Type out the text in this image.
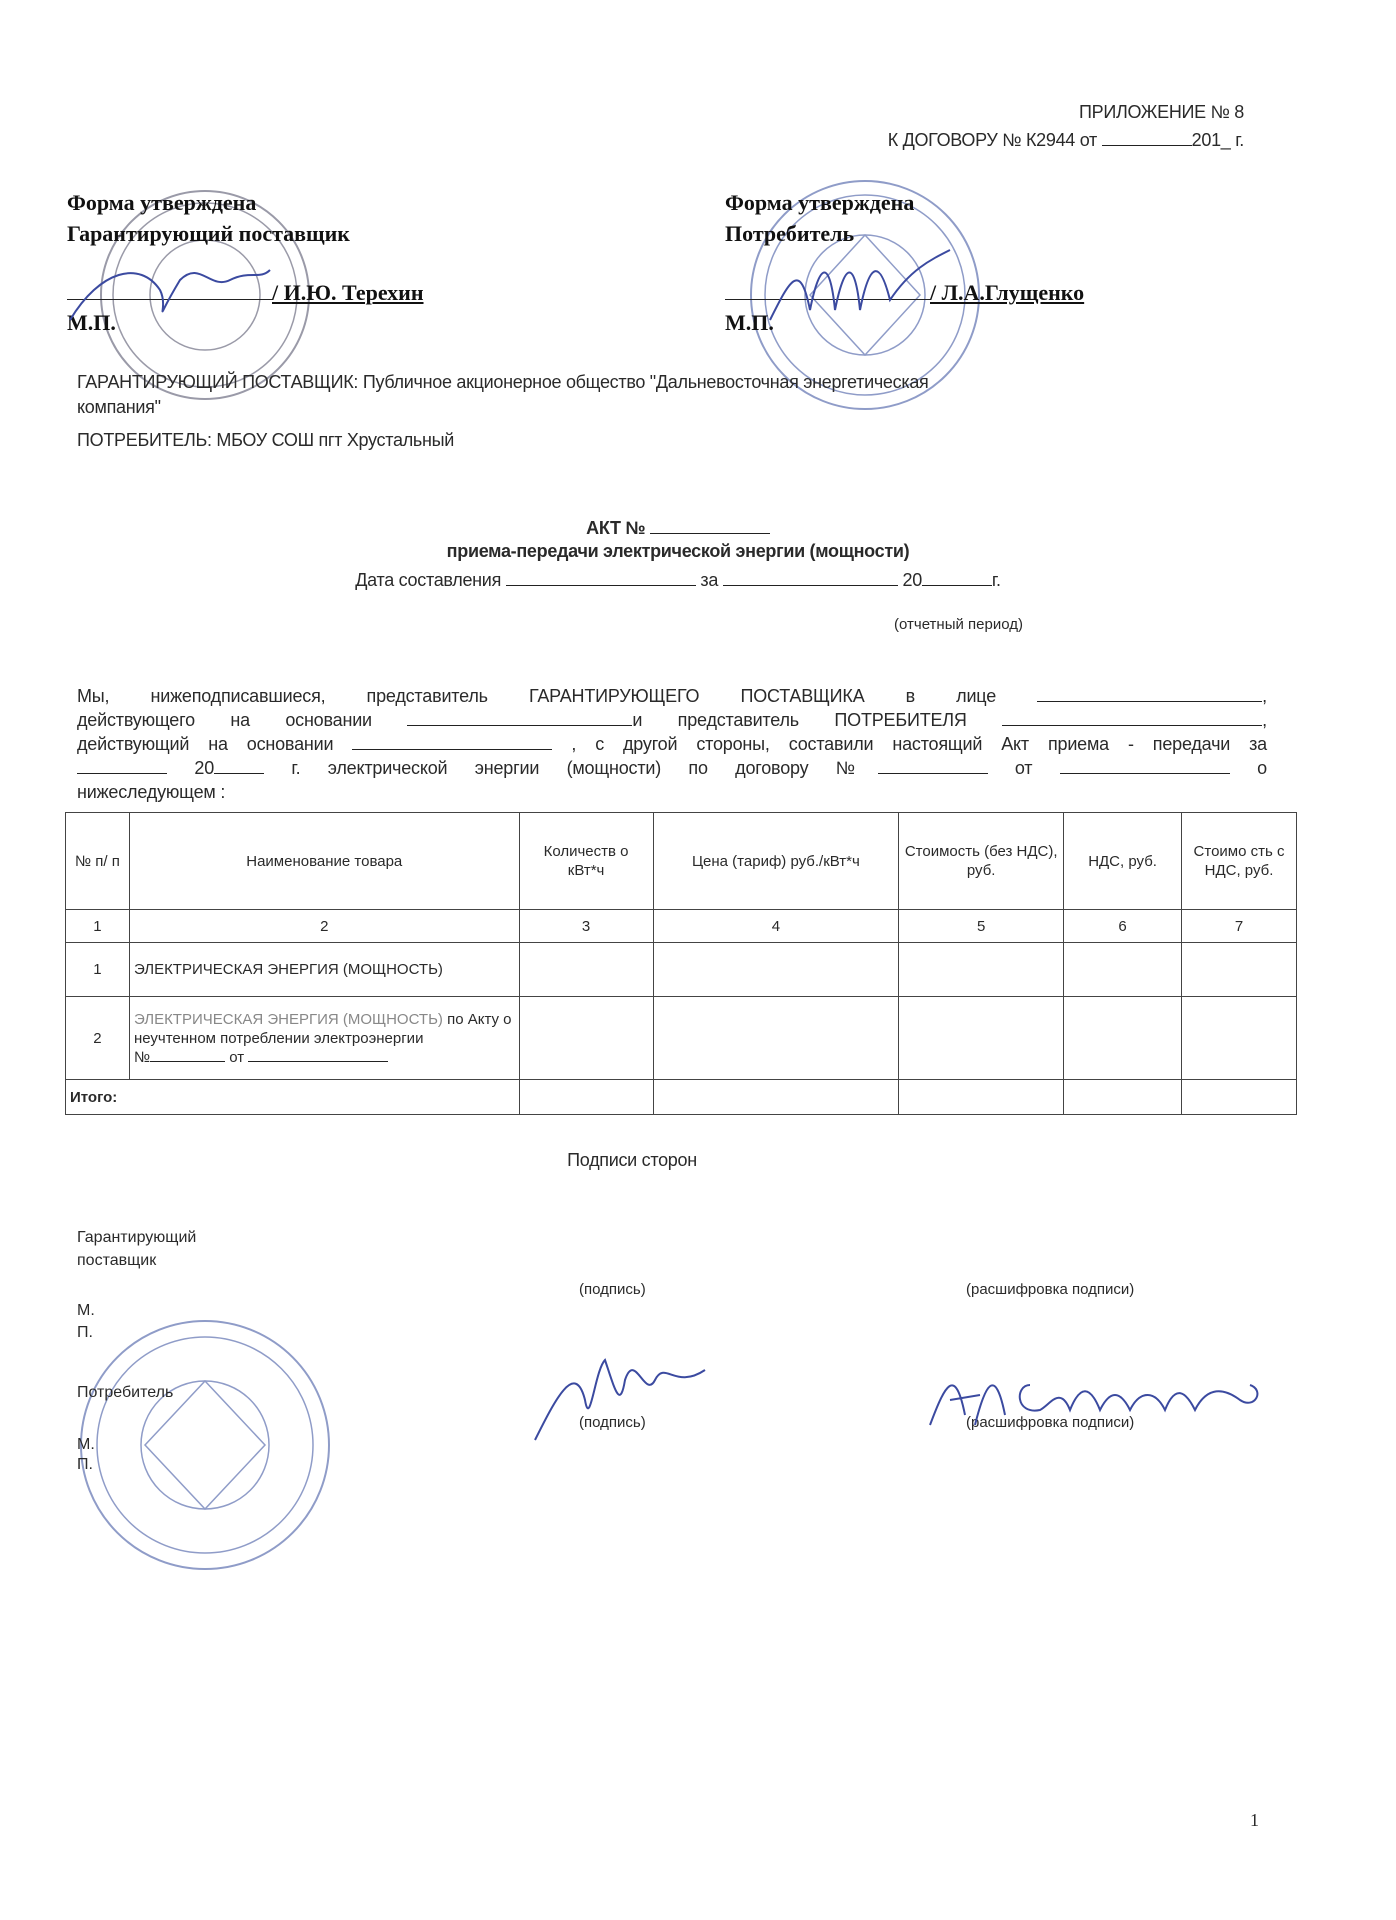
ПРИЛОЖЕНИЕ № 8
К ДОГОВОРУ № К2944 от	201_ г.
Форма утверждена
Гарантирующий поставщик
/ И.Ю. Терехин
М.П.
Форма утверждена
Потребитель
/ Л.А.Глущенко
М.П.
ГАРАНТИРУЮЩИЙ ПОСТАВЩИК: Публичное акционерное общество "Дальневосточная энергетическая
компания"
ПОТРЕБИТЕЛЬ: МБОУ СОШ пгт Хрустальный
АКТ №
приема-передачи электрической энергии (мощности)
Дата составления	за	20	г.
(отчетный период)
Мы, нижеподписавшиеся, представитель ГАРАНТИРУЮЩЕГО ПОСТАВЩИКА в лице	,
действующего на основании	и представитель ПОТРЕБИТЕЛЯ	,
действующий на основании	, с другой стороны, составили настоящий Акт приема - передачи за
20	г. электрической энергии (мощности) по договору №	от	о
нижеследующем :
№ п/ п	Наименование товара	Количеств о кВт*ч	Цена (тариф) руб./кВт*ч	Стоимость (без НДС), руб.	НДС, руб.	Стоимо сть с НДС, руб.
1	2	3	4	5	6	7
1	ЭЛЕКТРИЧЕСКАЯ ЭНЕРГИЯ (МОЩНОСТЬ)					
2	ЭЛЕКТРИЧЕСКАЯ ЭНЕРГИЯ (МОЩНОСТЬ) по Акту о неучтенном потреблении электроэнергии
№ от					
Итого:						
Подписи сторон
Гарантирующий
поставщик
(подпись)	(расшифровка подписи)
М.
П.
Потребитель
(подпись)	(расшифровка подписи)
М.
П.
1
